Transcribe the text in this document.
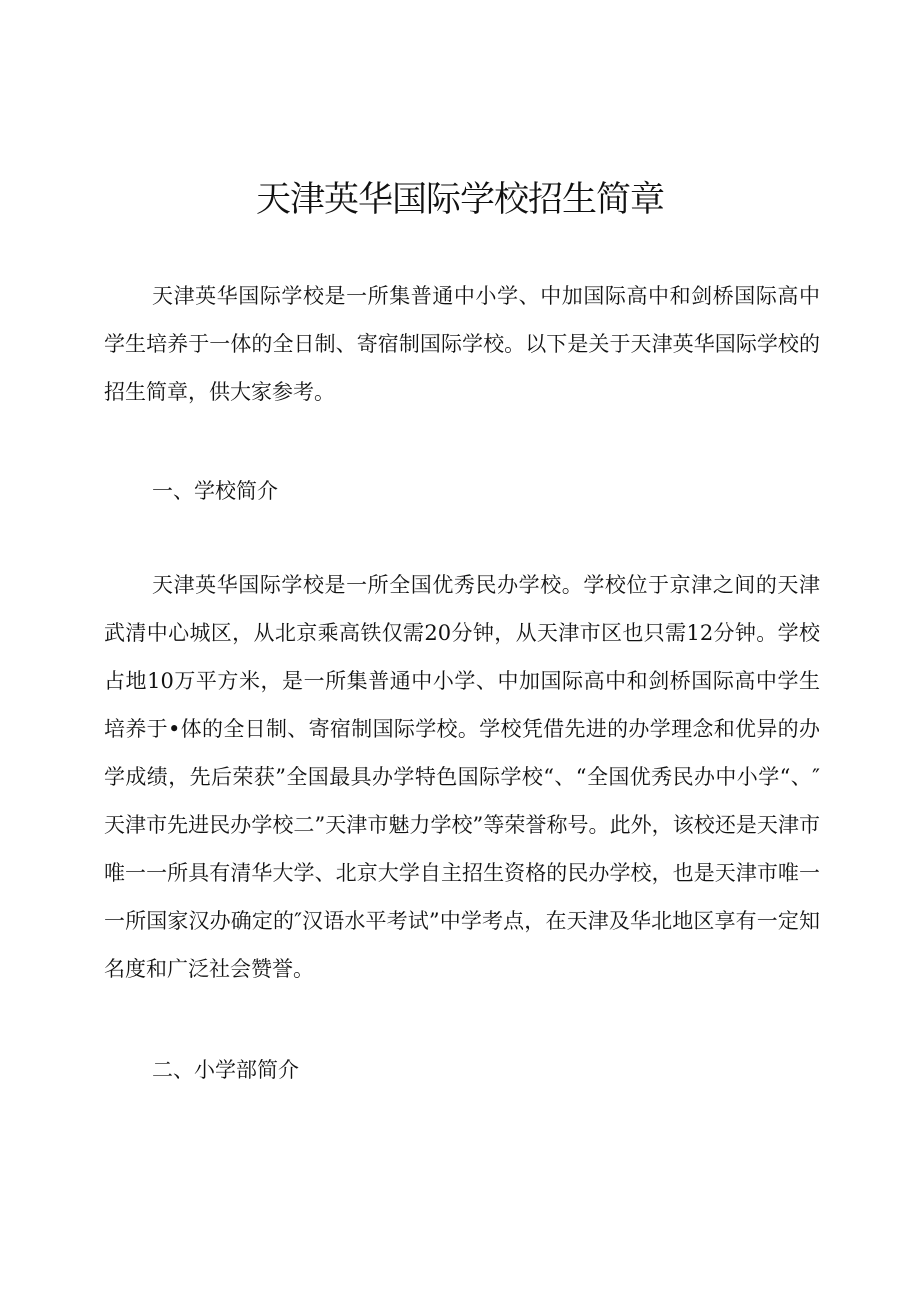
天津英华国际学校招生简章

天津英华国际学校是一所集普通中小学、中加国际高中和剑桥国际高中学生培养于一体的全日制、寄宿制国际学校。以下是关于天津英华国际学校的招生简章，供大家参考。

一、学校简介

天津英华国际学校是一所全国优秀民办学校。学校位于京津之间的天津武清中心城区，从北京乘高铁仅需20分钟，从天津市区也只需12分钟。学校占地10万平方米，是一所集普通中小学、中加国际高中和剑桥国际高中学生培养于•体的全日制、寄宿制国际学校。学校凭借先进的办学理念和优异的办学成绩，先后荣获”全国最具办学特色国际学校“、“全国优秀民办中小学“、″天津市先进民办学校二”天津市魅力学校”等荣誉称号。此外，该校还是天津市唯一一所具有清华大学、北京大学自主招生资格的民办学校，也是天津市唯一一所国家汉办确定的″汉语水平考试”中学考点，在天津及华北地区享有一定知名度和广泛社会赞誉。

二、小学部简介
